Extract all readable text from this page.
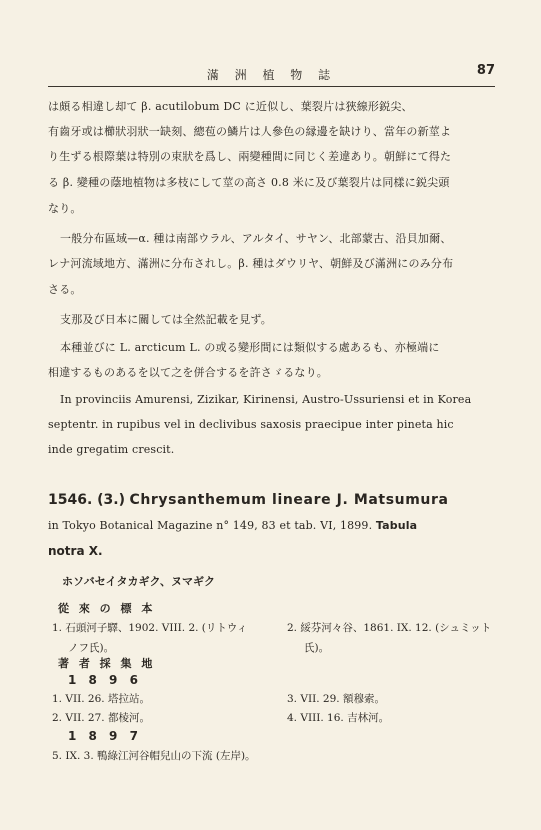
滿 洲 植 物 誌	87
は頗る相違し却て β. acutilobum DC に近似し、葉裂片は狹線形鋭尖、
有齒牙或は櫛狀羽狀一缺刻、總苞の鱗片は人參色の縁邊を缺けり、當年の新莖よ
り生ずる根際葉は特別の束狀を爲し、兩變種間に同じく差違あり。朝鮮にて得た
る β. 變種の蔭地植物は多枝にして莖の高さ 0.8 米に及び葉裂片は同樣に鋭尖頭
なり。
一般分布區域—α. 種は南部ウラル、アルタイ、サヤン、北部蒙古、沿貝加爾、
レナ河流域地方、滿洲に分布されし。β. 種はダウリヤ、朝鮮及び滿洲にのみ分布
さる。
支那及び日本に關しては全然記載を見ず。
本種並びに L. arcticum L. の或る變形間には類似する處あるも、亦極端に
相違するものあるを以て之を併合するを許さゞるなり。
In provinciis Amurensi, Zizikar, Kirinensi, Austro-Ussuriensi et in Korea
septentr. in rupibus vel in declivibus saxosis praecipue inter pineta hic
inde gregatim crescit.
1546. (3.) Chrysanthemum lineare J. Matsumura
in Tokyo Botanical Magazine n° 149, 83 et tab. VI, 1899. Tabula
notra X.
ホソバセイタカギク、ヌマギク
從 來 の 標 本
1. 石頭河子驛、1902. VIII. 2. (リトウィ
ノフ氏)。
2. 綏芬河々谷、1861. IX. 12. (シュミット
氏)。
著 者 採 集 地
1 8 9 6
1. VII. 26. 塔拉站。	3. VII. 29. 額穆索。
2. VII. 27. 都棱河。	4. VIII. 16. 吉林河。
1 8 9 7
5. IX. 3. 鴨綠江河谷帽兒山の下流 (左岸)。
